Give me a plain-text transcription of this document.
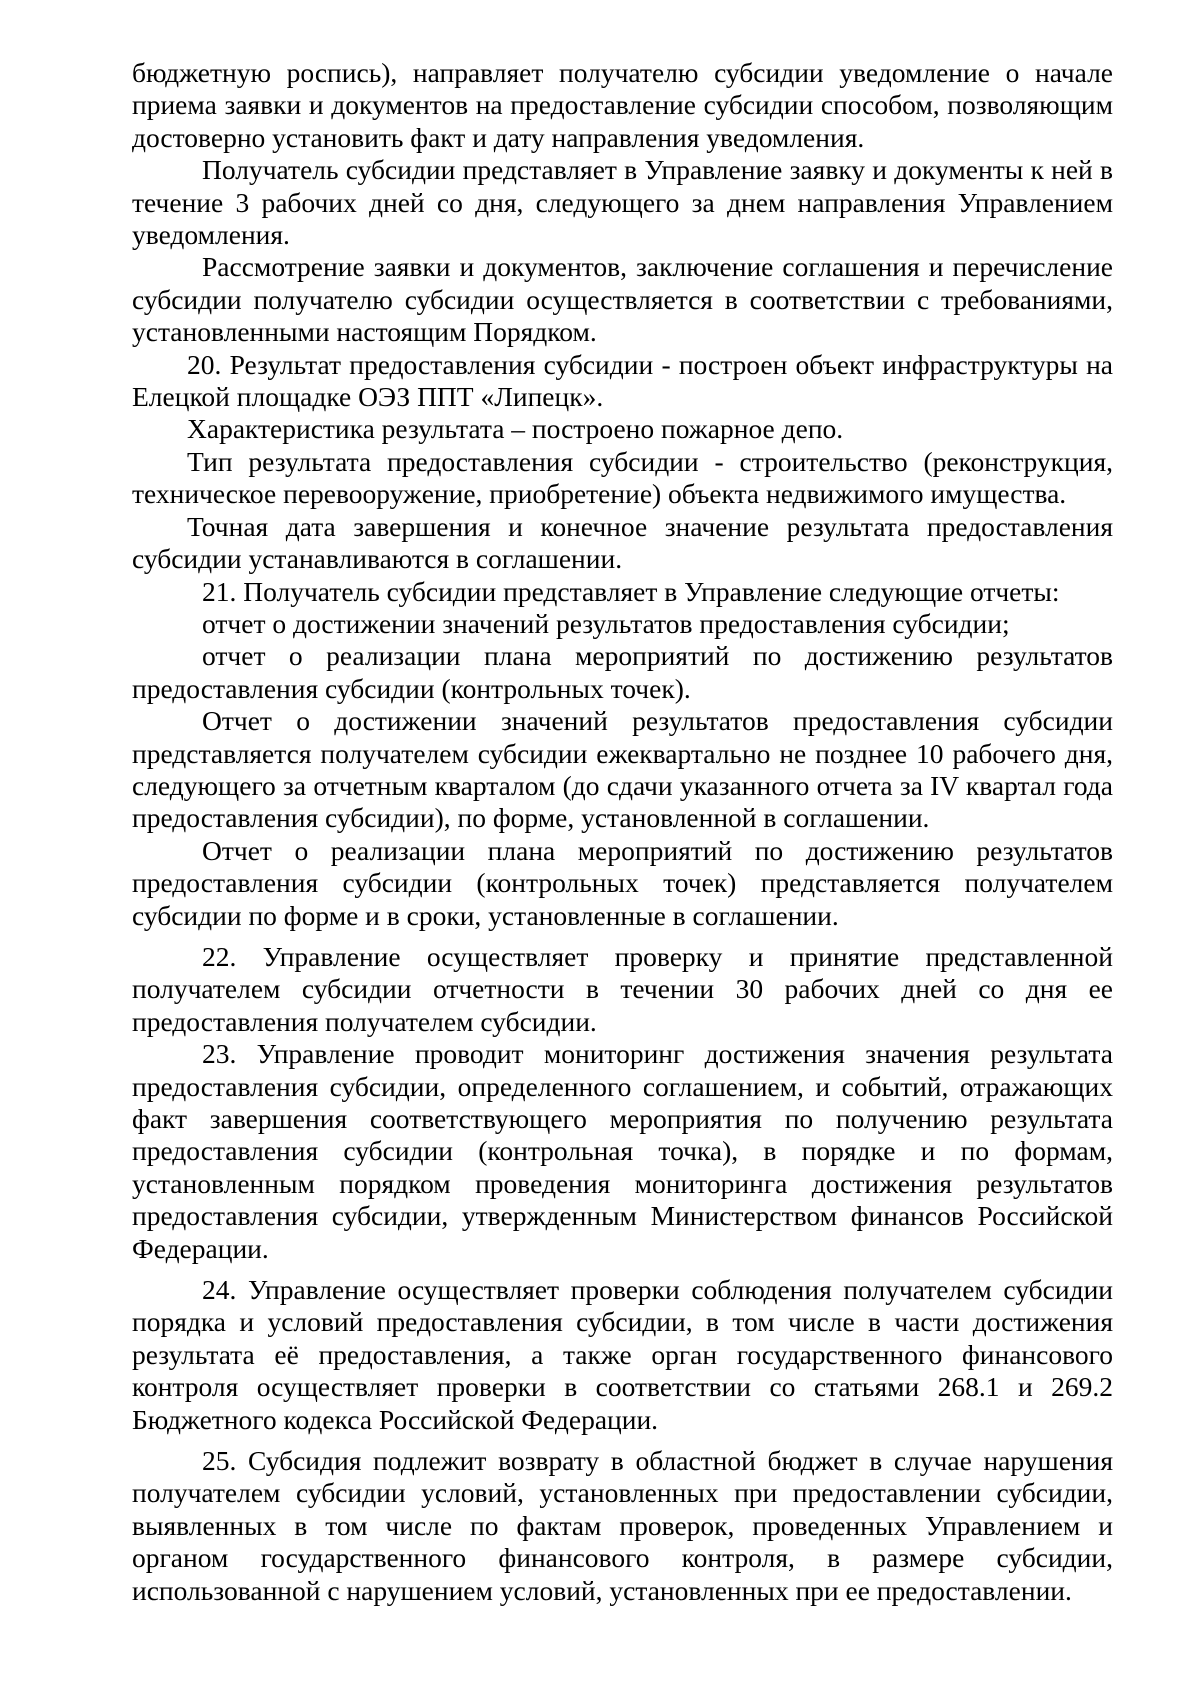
бюджетную роспись), направляет получателю субсидии уведомление о начале приема заявки и документов на предоставление субсидии способом, позволяющим достоверно установить факт и дату направления уведомления.

Получатель субсидии представляет в Управление заявку и документы к ней в течение 3 рабочих дней со дня, следующего за днем направления Управлением уведомления.

Рассмотрение заявки и документов, заключение соглашения и перечисление субсидии получателю субсидии осуществляется в соответствии с требованиями, установленными настоящим Порядком.

20. Результат предоставления субсидии - построен объект инфраструктуры на Елецкой площадке ОЭЗ ППТ «Липецк».

Характеристика результата – построено пожарное депо.

Тип результата предоставления субсидии - строительство (реконструкция, техническое перевооружение, приобретение) объекта недвижимого имущества.

Точная дата завершения и конечное значение результата предоставления субсидии устанавливаются в соглашении.

21. Получатель субсидии представляет в Управление следующие отчеты:

отчет о достижении значений результатов предоставления субсидии;

отчет о реализации плана мероприятий по достижению результатов предоставления субсидии (контрольных точек).

Отчет о достижении значений результатов предоставления субсидии представляется получателем субсидии ежеквартально не позднее 10 рабочего дня, следующего за отчетным кварталом (до сдачи указанного отчета за IV квартал года предоставления субсидии), по форме, установленной в соглашении.

Отчет о реализации плана мероприятий по достижению результатов предоставления субсидии (контрольных точек) представляется получателем субсидии по форме и в сроки, установленные в соглашении.

22. Управление осуществляет проверку и принятие представленной получателем субсидии отчетности в течении 30 рабочих дней со дня ее предоставления получателем субсидии.

23. Управление проводит мониторинг достижения значения результата предоставления субсидии, определенного соглашением, и событий, отражающих факт завершения соответствующего мероприятия по получению результата предоставления субсидии (контрольная точка), в порядке и по формам, установленным порядком проведения мониторинга достижения результатов предоставления субсидии, утвержденным Министерством финансов Российской Федерации.

24. Управление осуществляет проверки соблюдения получателем субсидии порядка и условий предоставления субсидии, в том числе в части достижения результата её предоставления, а также орган государственного финансового контроля осуществляет проверки в соответствии со статьями 268.1 и 269.2 Бюджетного кодекса Российской Федерации.

25. Субсидия подлежит возврату в областной бюджет в случае нарушения получателем субсидии условий, установленных при предоставлении субсидии, выявленных в том числе по фактам проверок, проведенных Управлением и органом государственного финансового контроля, в размере субсидии, использованной с нарушением условий, установленных при ее предоставлении.
